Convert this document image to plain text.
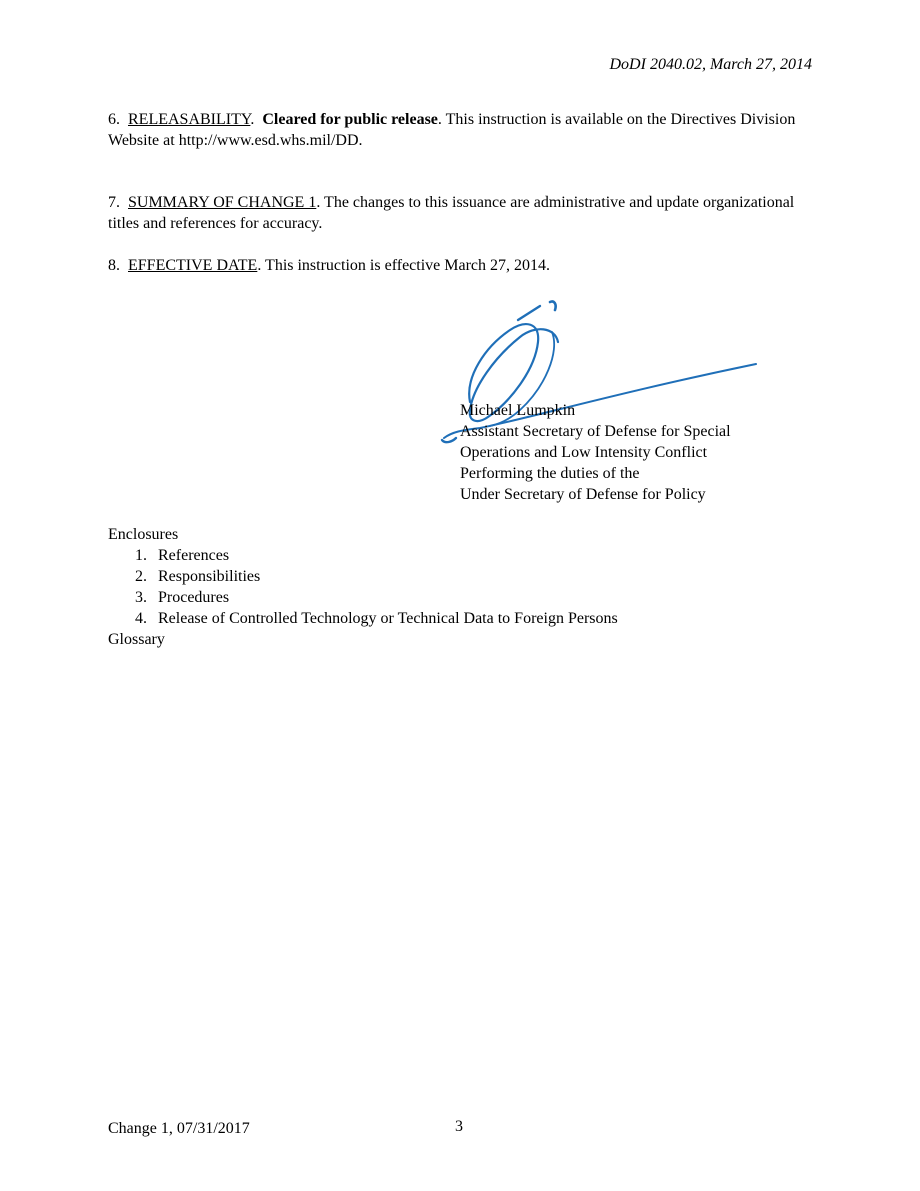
DoDI 2040.02, March 27, 2014
6. RELEASABILITY. Cleared for public release. This instruction is available on the Directives Division Website at http://www.esd.whs.mil/DD.
7. SUMMARY OF CHANGE 1. The changes to this issuance are administrative and update organizational titles and references for accuracy.
8. EFFECTIVE DATE. This instruction is effective March 27, 2014.
Michael Lumpkin
Assistant Secretary of Defense for Special
Operations and Low Intensity Conflict
Performing the duties of the
Under Secretary of Defense for Policy
Enclosures
1. References
2. Responsibilities
3. Procedures
4. Release of Controlled Technology or Technical Data to Foreign Persons
Glossary
Change 1, 07/31/2017	3
